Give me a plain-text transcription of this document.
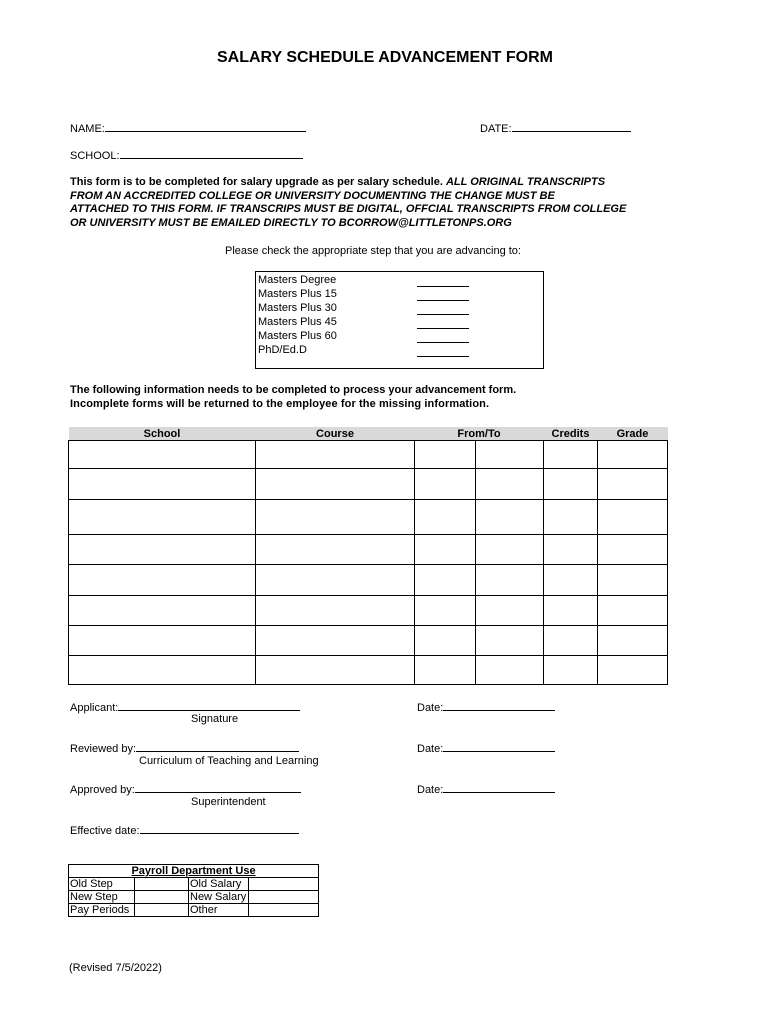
SALARY SCHEDULE ADVANCEMENT FORM
NAME:	DATE:
SCHOOL:
This form is to be completed for salary upgrade as per salary schedule. ALL ORIGINAL TRANSCRIPTS
FROM AN ACCREDITED COLLEGE OR UNIVERSITY DOCUMENTING THE CHANGE MUST BE
ATTACHED TO THIS FORM. IF TRANSCRIPS MUST BE DIGITAL, OFFCIAL TRANSCRIPTS FROM COLLEGE
OR UNIVERSITY MUST BE EMAILED DIRECTLY TO BCORROW@LITTLETONPS.ORG
Please check the appropriate step that you are advancing to:
Masters Degree
Masters Plus 15
Masters Plus 30
Masters Plus 45
Masters Plus 60
PhD/Ed.D
The following information needs to be completed to process your advancement form.
Incomplete forms will be returned to the employee for the missing information.
School	Course	From/To		Credits	Grade

Applicant:
Signature
Date:
Reviewed by:
Curriculum of Teaching and Learning
Date:
Approved by:
Superintendent
Date:
Effective date:
Payroll Department Use			
Old Step		Old Salary	
New Step		New Salary	
Pay Periods		Other	
(Revised 7/5/2022)
